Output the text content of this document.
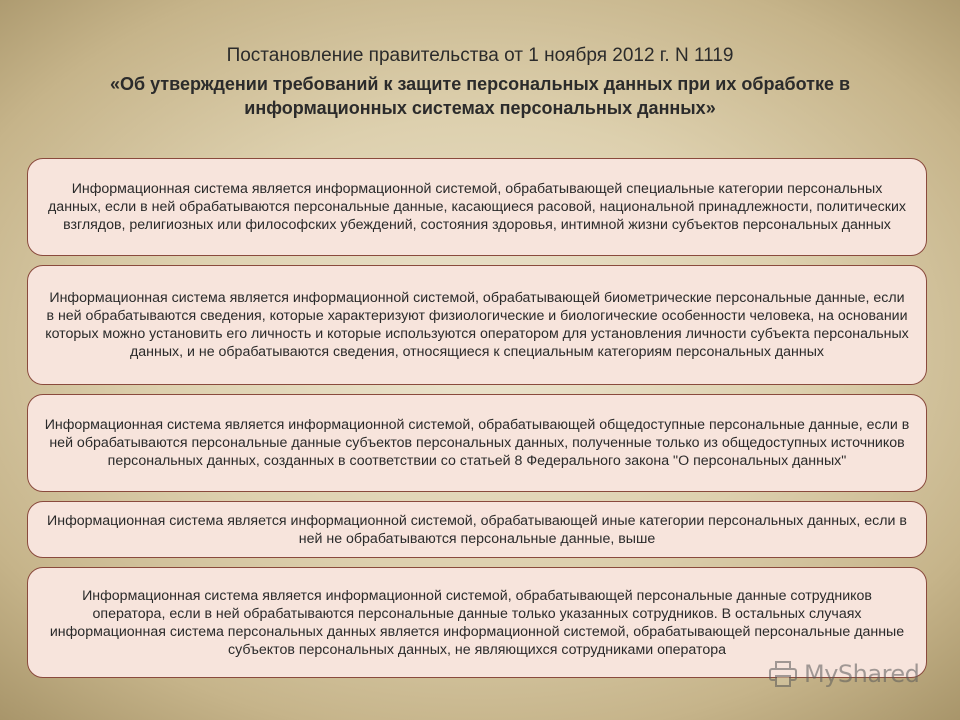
Постановление правительства от 1 ноября 2012 г. N 1119
«Об утверждении требований к защите персональных данных при их обработке в информационных системах персональных данных»
Информационная система является информационной системой, обрабатывающей специальные категории персональных данных, если в ней обрабатываются персональные данные, касающиеся расовой, национальной принадлежности, политических взглядов, религиозных или философских убеждений, состояния здоровья, интимной жизни субъектов персональных данных
Информационная система является информационной системой, обрабатывающей биометрические персональные данные, если в ней обрабатываются сведения, которые характеризуют физиологические и биологические особенности человека, на основании которых можно установить его личность и которые используются оператором для установления личности субъекта персональных данных, и не обрабатываются сведения, относящиеся к специальным категориям персональных данных
Информационная система является информационной системой, обрабатывающей общедоступные персональные данные, если в ней обрабатываются персональные данные субъектов персональных данных, полученные только из общедоступных источников персональных данных, созданных в соответствии со статьей 8 Федерального закона "О персональных данных"
Информационная система является информационной системой, обрабатывающей иные категории персональных данных, если в ней не обрабатываются персональные данные, выше
Информационная система является информационной системой, обрабатывающей персональные данные сотрудников оператора, если в ней обрабатываются персональные данные только указанных сотрудников. В остальных случаях информационная система персональных данных является информационной системой, обрабатывающей персональные данные субъектов персональных данных, не являющихся сотрудниками оператора
MyShared
